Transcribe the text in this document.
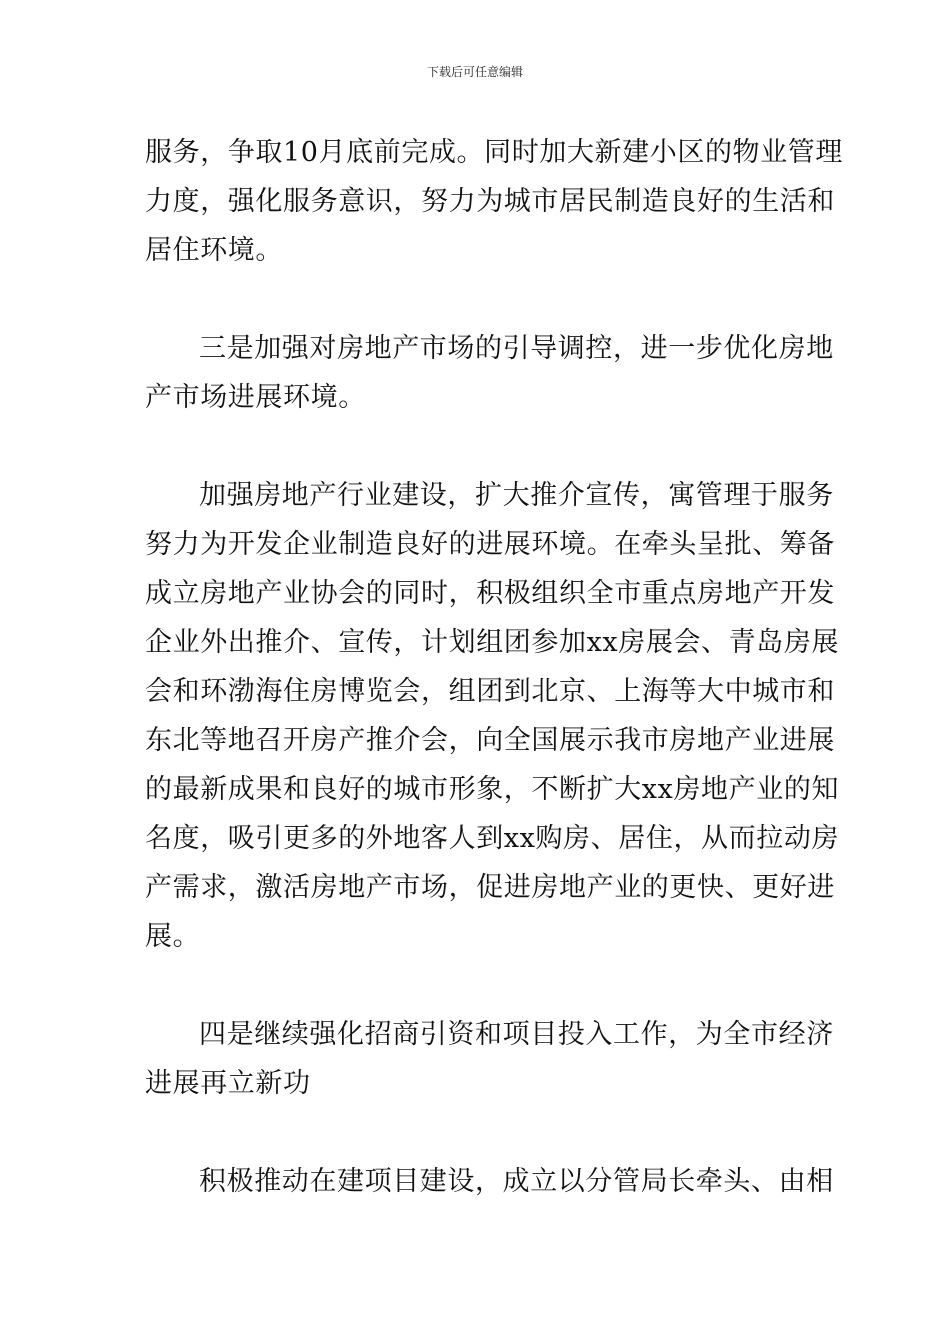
下载后可任意编辑
服务，争取10月底前完成。同时加大新建小区的物业管理
力度，强化服务意识，努力为城市居民制造良好的生活和
居住环境。
三是加强对房地产市场的引导调控，进一步优化房地
产市场进展环境。
加强房地产行业建设，扩大推介宣传，寓管理于服务
努力为开发企业制造良好的进展环境。在牵头呈批、筹备
成立房地产业协会的同时，积极组织全市重点房地产开发
企业外出推介、宣传，计划组团参加xx房展会、青岛房展
会和环渤海住房博览会，组团到北京、上海等大中城市和
东北等地召开房产推介会，向全国展示我市房地产业进展
的最新成果和良好的城市形象，不断扩大xx房地产业的知
名度，吸引更多的外地客人到xx购房、居住，从而拉动房
产需求，激活房地产市场，促进房地产业的更快、更好进
展。
四是继续强化招商引资和项目投入工作，为全市经济
进展再立新功
积极推动在建项目建设，成立以分管局长牵头、由相
